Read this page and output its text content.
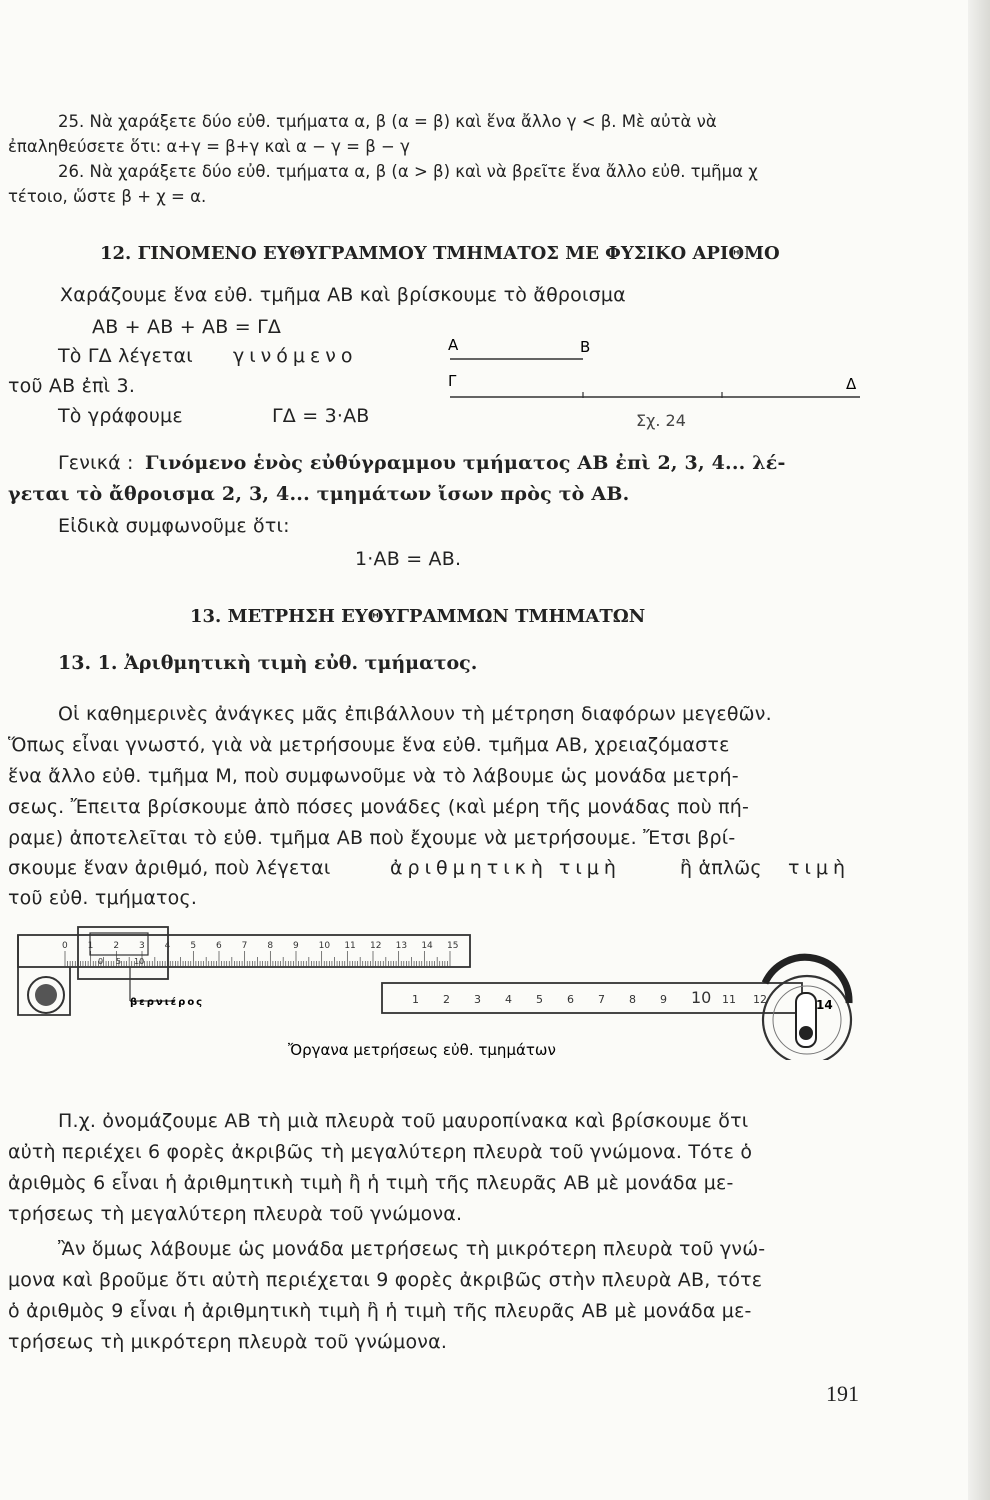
25. Νὰ χαράξετε δύο εὐθ. τμήματα α, β (α = β) καὶ ἕνα ἄλλο γ < β. Μὲ αὐτὰ νὰ
ἐπαληθεύσετε ὅτι: α+γ = β+γ καὶ α − γ = β − γ
26. Νὰ χαράξετε δύο εὐθ. τμήματα α, β (α > β) καὶ νὰ βρεῖτε ἕνα ἄλλο εὐθ. τμῆμα χ
τέτοιο, ὥστε β + χ = α.
12. ΓΙΝΟΜΕΝΟ ΕΥΘΥΓΡΑΜΜΟΥ ΤΜΗΜΑΤΟΣ ΜΕ ΦΥΣΙΚΟ ΑΡΙΘΜΟ
Χαράζουμε ἕνα εὐθ. τμῆμα ΑΒ καὶ βρίσκουμε τὸ ἄθροισμα
ΑΒ + ΑΒ + ΑΒ = ΓΔ
Τὸ ΓΔ λέγεται γινόμενο
τοῦ ΑΒ ἐπὶ 3.
Τὸ γράφουμε	ΓΔ = 3·ΑΒ
Α	Β
Γ	Δ
Σχ. 24
Γενικά : Γινόμενο ἑνὸς εὐθύγραμμου τμήματος ΑΒ ἐπὶ 2, 3, 4... λέ-
γεται τὸ ἄθροισμα 2, 3, 4... τμημάτων ἴσων πρὸς τὸ ΑΒ.
Εἰδικὰ συμφωνοῦμε ὅτι:
1·ΑΒ = ΑΒ.
13. ΜΕΤΡΗΣΗ ΕΥΘΥΓΡΑΜΜΩΝ ΤΜΗΜΑΤΩΝ
13. 1. Ἀριθμητικὴ τιμὴ εὐθ. τμήματος.
Οἱ καθημερινὲς ἀνάγκες μᾶς ἐπιβάλλουν τὴ μέτρηση διαφόρων μεγεθῶν.
Ὅπως εἶναι γνωστό, γιὰ νὰ μετρήσουμε ἕνα εὐθ. τμῆμα ΑΒ, χρειαζόμαστε
ἕνα ἄλλο εὐθ. τμῆμα Μ, ποὺ συμφωνοῦμε νὰ τὸ λάβουμε ὡς μονάδα μετρή-
σεως. Ἔπειτα βρίσκουμε ἀπὸ πόσες μονάδες (καὶ μέρη τῆς μονάδας ποὺ πή-
ραμε) ἀποτελεῖται τὸ εὐθ. τμῆμα ΑΒ ποὺ ἔχουμε νὰ μετρήσουμε. Ἔτσι βρί-
σκουμε ἕναν ἀριθμό, ποὺ λέγεται	ἀριθμητικὴ τιμὴ	ἢ ἁπλῶς τιμὴ
τοῦ εὐθ. τμήματος.
0 1 2 3 4 5 6 7 8 9 10 11 12 13 14 15
0 5 10
βερνιέρος	1 2 3 4 5 6 7 8 9 10 11 12	14
Ὄργανα μετρήσεως εὐθ. τμημάτων
Π.χ. ὀνομάζουμε ΑΒ τὴ μιὰ πλευρὰ τοῦ μαυροπίνακα καὶ βρίσκουμε ὅτι
αὐτὴ περιέχει 6 φορὲς ἀκριβῶς τὴ μεγαλύτερη πλευρὰ τοῦ γνώμονα. Τότε ὁ
ἀριθμὸς 6 εἶναι ἡ ἀριθμητικὴ τιμὴ ἢ ἡ τιμὴ τῆς πλευρᾶς ΑΒ μὲ μονάδα με-
τρήσεως τὴ μεγαλύτερη πλευρὰ τοῦ γνώμονα.
Ἂν ὅμως λάβουμε ὡς μονάδα μετρήσεως τὴ μικρότερη πλευρὰ τοῦ γνώ-
μονα καὶ βροῦμε ὅτι αὐτὴ περιέχεται 9 φορὲς ἀκριβῶς στὴν πλευρὰ ΑΒ, τότε
ὁ ἀριθμὸς 9 εἶναι ἡ ἀριθμητικὴ τιμὴ ἢ ἡ τιμὴ τῆς πλευρᾶς ΑΒ μὲ μονάδα με-
τρήσεως τὴ μικρότερη πλευρὰ τοῦ γνώμονα.
191
